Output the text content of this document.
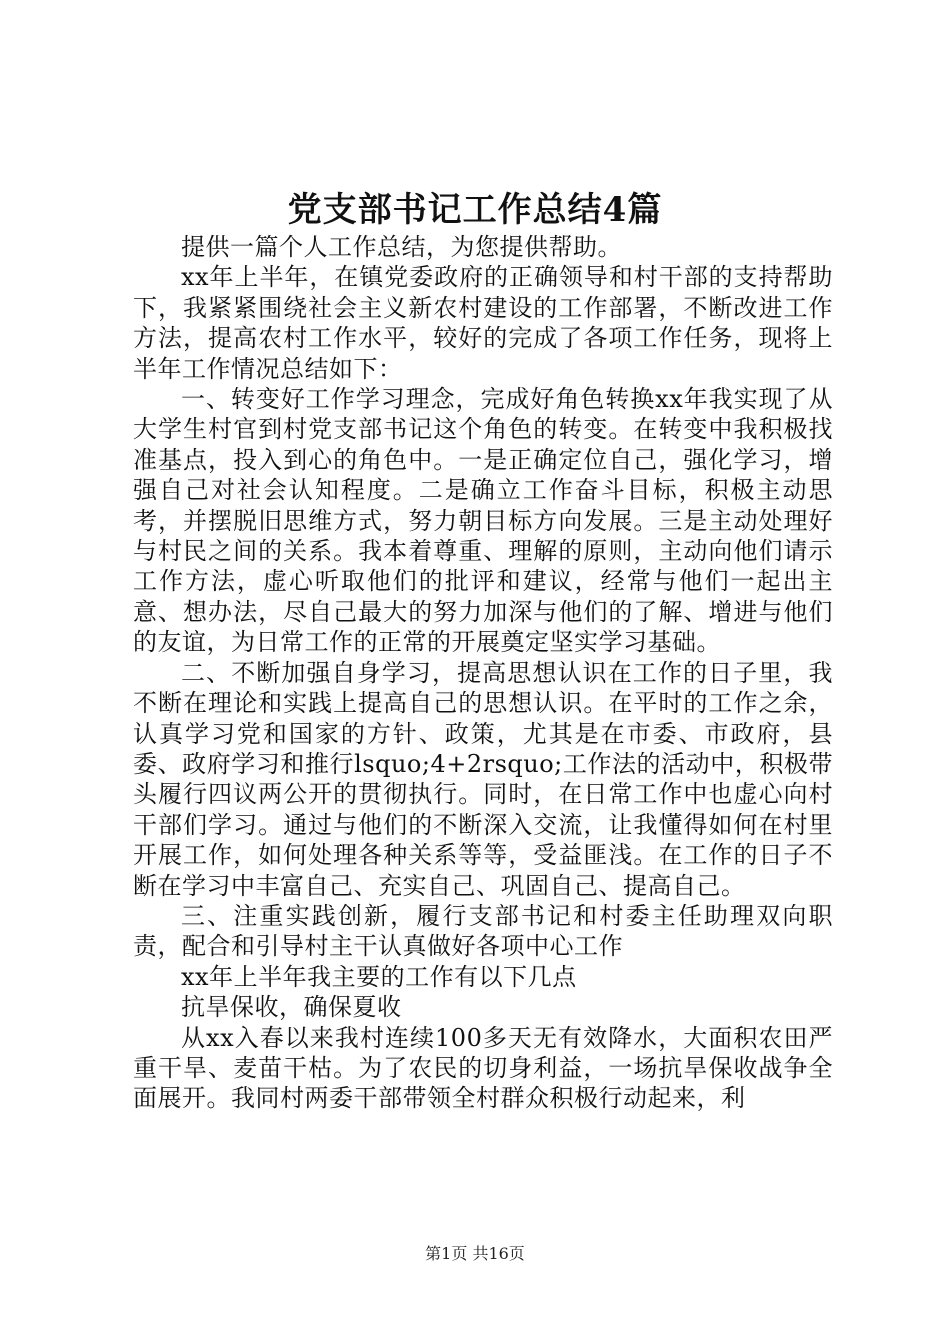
党支部书记工作总结4篇

提供一篇个人工作总结，为您提供帮助。

xx年上半年，在镇党委政府的正确领导和村干部的支持帮助下，我紧紧围绕社会主义新农村建设的工作部署，不断改进工作方法，提高农村工作水平，较好的完成了各项工作任务，现将上半年工作情况总结如下：

一、转变好工作学习理念，完成好角色转换xx年我实现了从大学生村官到村党支部书记这个角色的转变。在转变中我积极找准基点，投入到心的角色中。一是正确定位自己，强化学习，增强自己对社会认知程度。二是确立工作奋斗目标，积极主动思考，并摆脱旧思维方式，努力朝目标方向发展。三是主动处理好与村民之间的关系。我本着尊重、理解的原则，主动向他们请示工作方法，虚心听取他们的批评和建议，经常与他们一起出主意、想办法，尽自己最大的努力加深与他们的了解、增进与他们的友谊，为日常工作的正常的开展奠定坚实学习基础。

二、不断加强自身学习，提高思想认识在工作的日子里，我不断在理论和实践上提高自己的思想认识。在平时的工作之余，认真学习党和国家的方针、政策，尤其是在市委、市政府，县委、政府学习和推行lsquo;4+2rsquo;工作法的活动中，积极带头履行四议两公开的贯彻执行。同时，在日常工作中也虚心向村干部们学习。通过与他们的不断深入交流，让我懂得如何在村里开展工作，如何处理各种关系等等，受益匪浅。在工作的日子不断在学习中丰富自己、充实自己、巩固自己、提高自己。

三、注重实践创新，履行支部书记和村委主任助理双向职责，配合和引导村主干认真做好各项中心工作

xx年上半年我主要的工作有以下几点

抗旱保收，确保夏收

从xx入春以来我村连续100多天无有效降水，大面积农田严重干旱、麦苗干枯。为了农民的切身利益，一场抗旱保收战争全面展开。我同村两委干部带领全村群众积极行动起来，利

第1页 共16页
